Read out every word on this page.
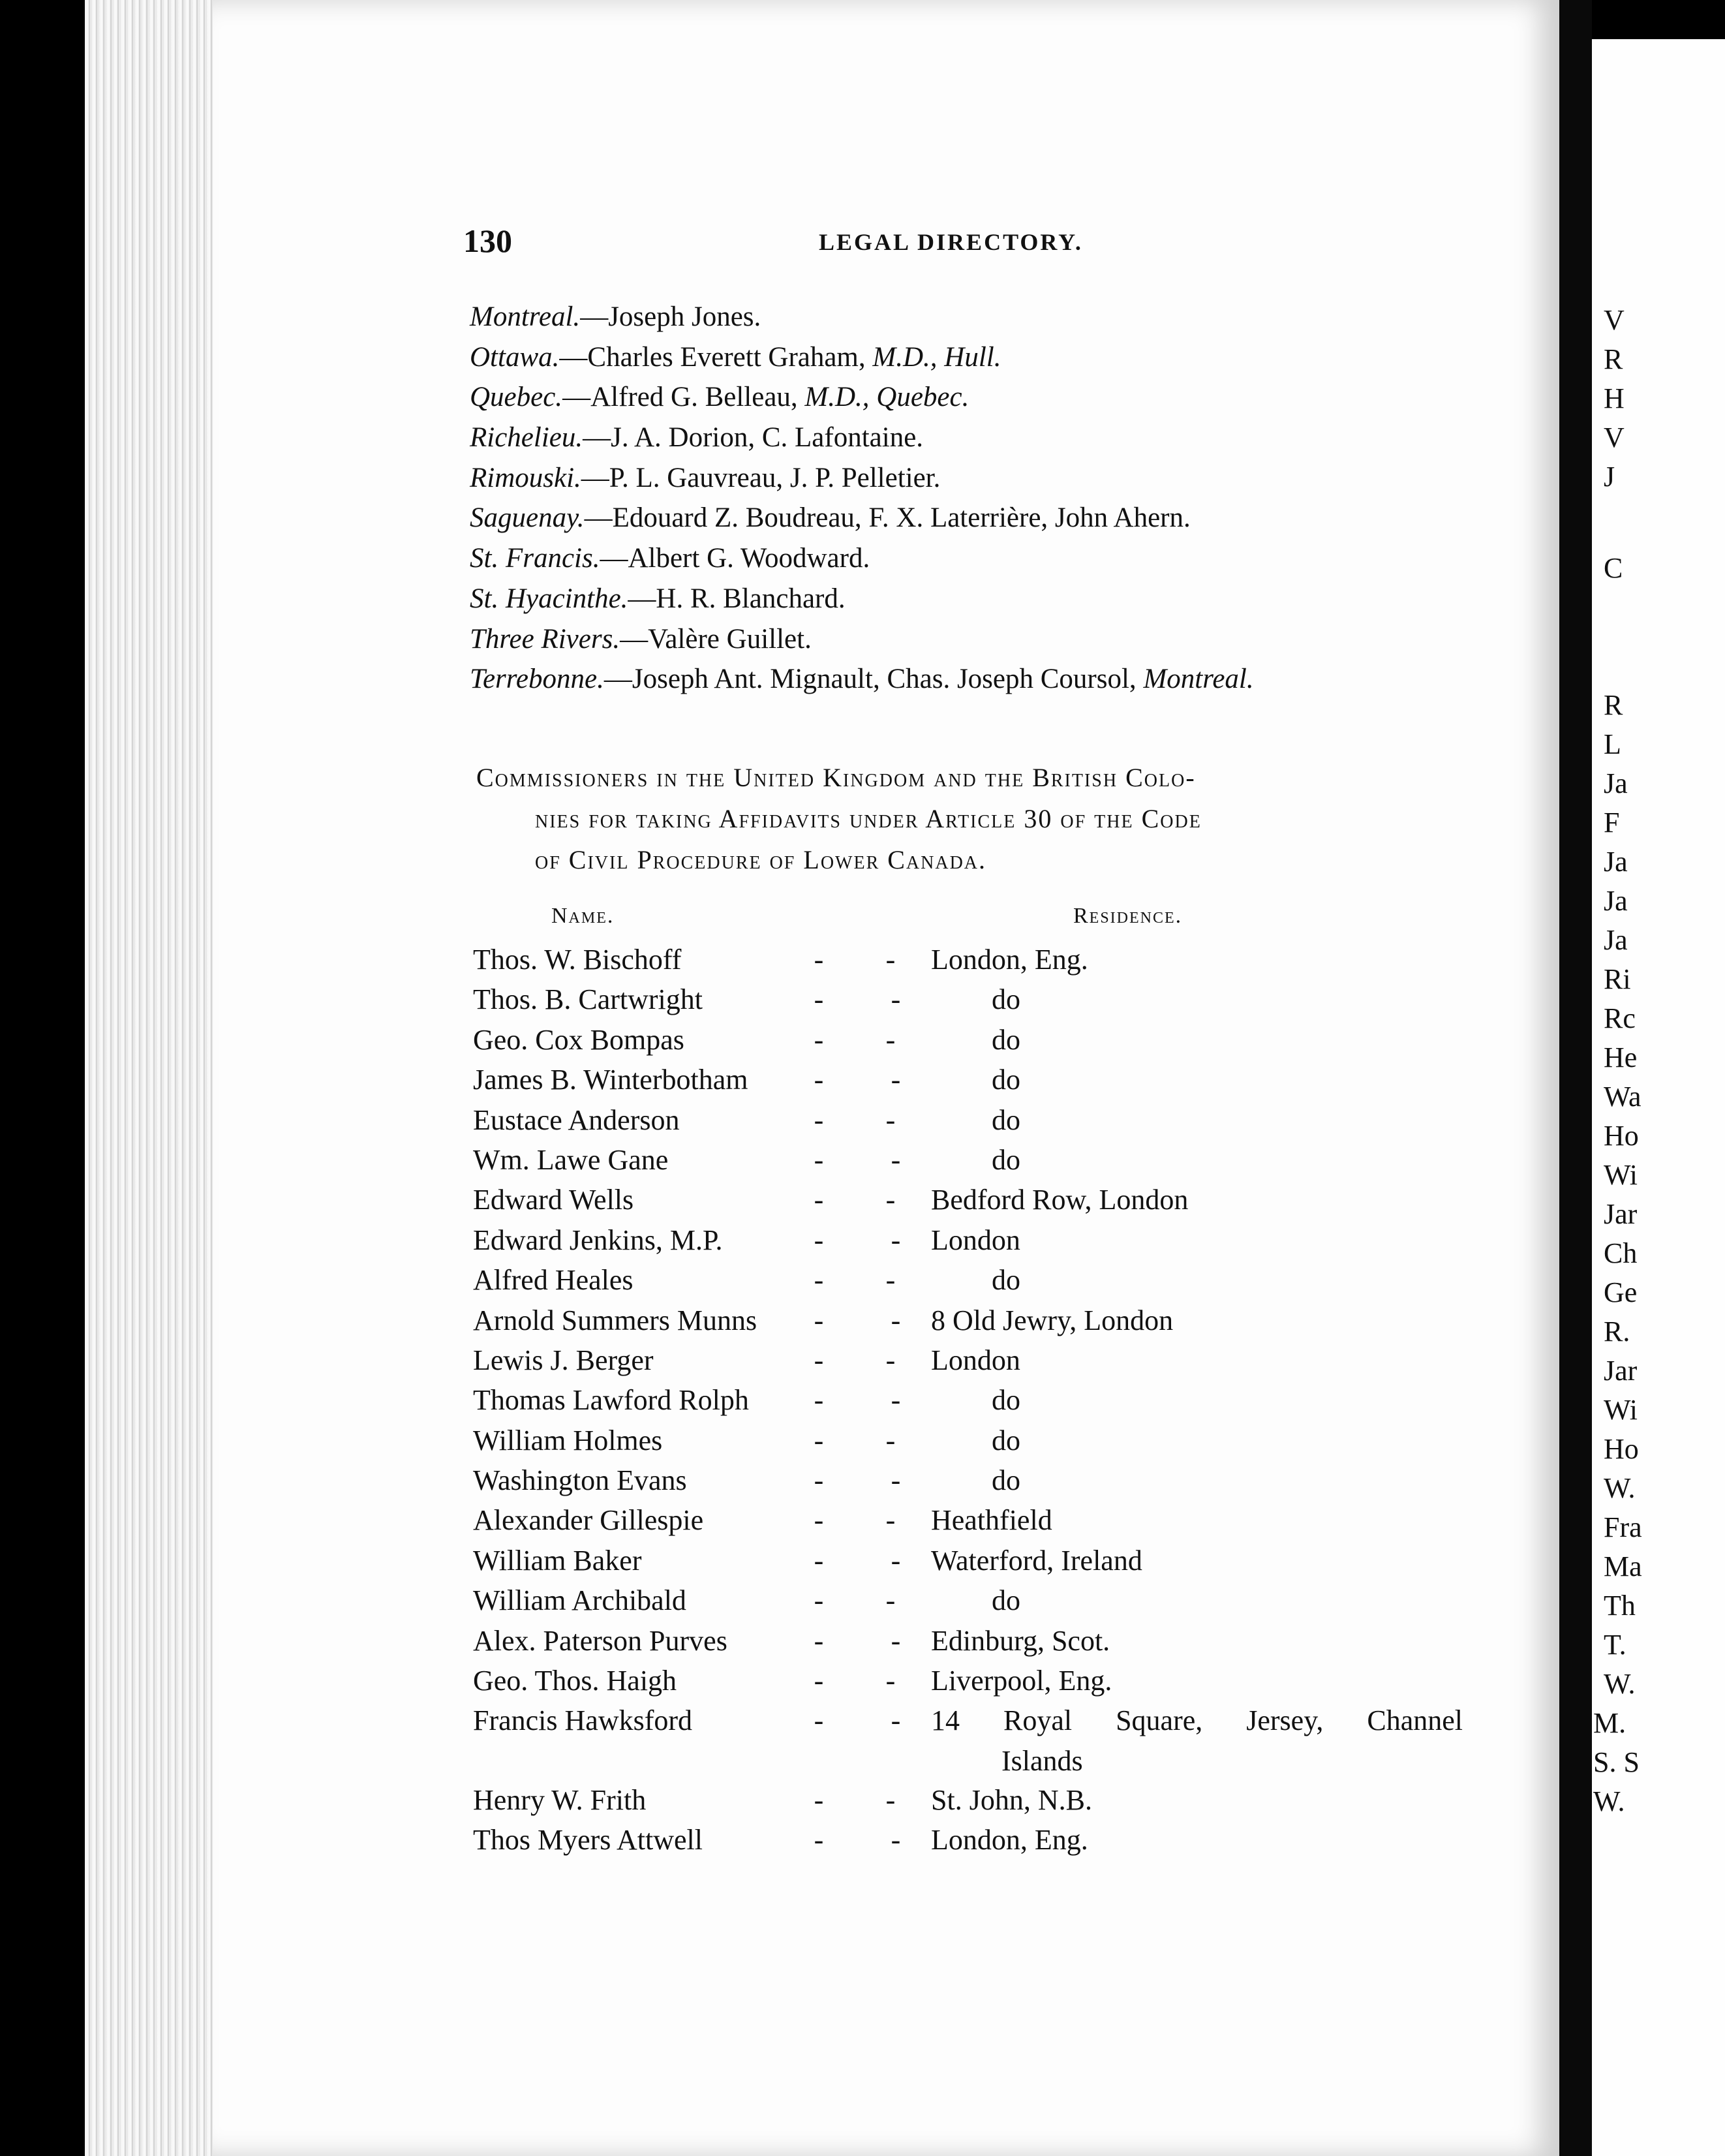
130	LEGAL DIRECTORY.
Montreal.—Joseph Jones.
Ottawa.—Charles Everett Graham, M.D., Hull.
Quebec.—Alfred G. Belleau, M.D., Quebec.
Richelieu.—J. A. Dorion, C. Lafontaine.
Rimouski.—P. L. Gauvreau, J. P. Pelletier.
Saguenay.—Edouard Z. Boudreau, F. X. Laterrière, John Ahern.
St. Francis.—Albert G. Woodward.
St. Hyacinthe.—H. R. Blanchard.
Three Rivers.—Valère Guillet.
Terrebonne.—Joseph Ant. Mignault, Chas. Joseph Coursol, Montreal.
Commissioners in the United Kingdom and the British Colo-
nies for taking Affidavits under Article 30 of the Code
of Civil Procedure of Lower Canada.
Name.	Residence.
Thos. W. Bischoff	- - London, Eng.
Thos. B. Cartwright	- -	do
Geo. Cox Bompas	- -	do
James B. Winterbotham - -	do
Eustace Anderson	- -	do
Wm. Lawe Gane	- -	do
Edward Wells	- - Bedford Row, London
Edward Jenkins, M.P.	- - London
Alfred Heales	- -	do
Arnold Summers Munns - - 8 Old Jewry, London
Lewis J. Berger	- - London
Thomas Lawford Rolph - -	do
William Holmes	- -	do
Washington Evans	- -	do
Alexander Gillespie	- - Heathfield
William Baker	- - Waterford, Ireland
William Archibald	- -	do
Alex. Paterson Purves	- - Edinburg, Scot.
Geo. Thos. Haigh	- - Liverpool, Eng.
Francis Hawksford	- - 14 Royal Square, Jersey, Channel
Islands
Henry W. Frith	- - St. John, N.B.
Thos Myers Attwell	- - London, Eng.
V
R
H
V
J
C
R
L
Ja
F
Ja
Ja
Ja
Ri
Rc
He
Wa
Ho
Wi
Jar
Ch
Ge
R.
Jar
Wi
Ho
W.
Fra
Ma
Th
T.
W.
M.
S. S
W.
